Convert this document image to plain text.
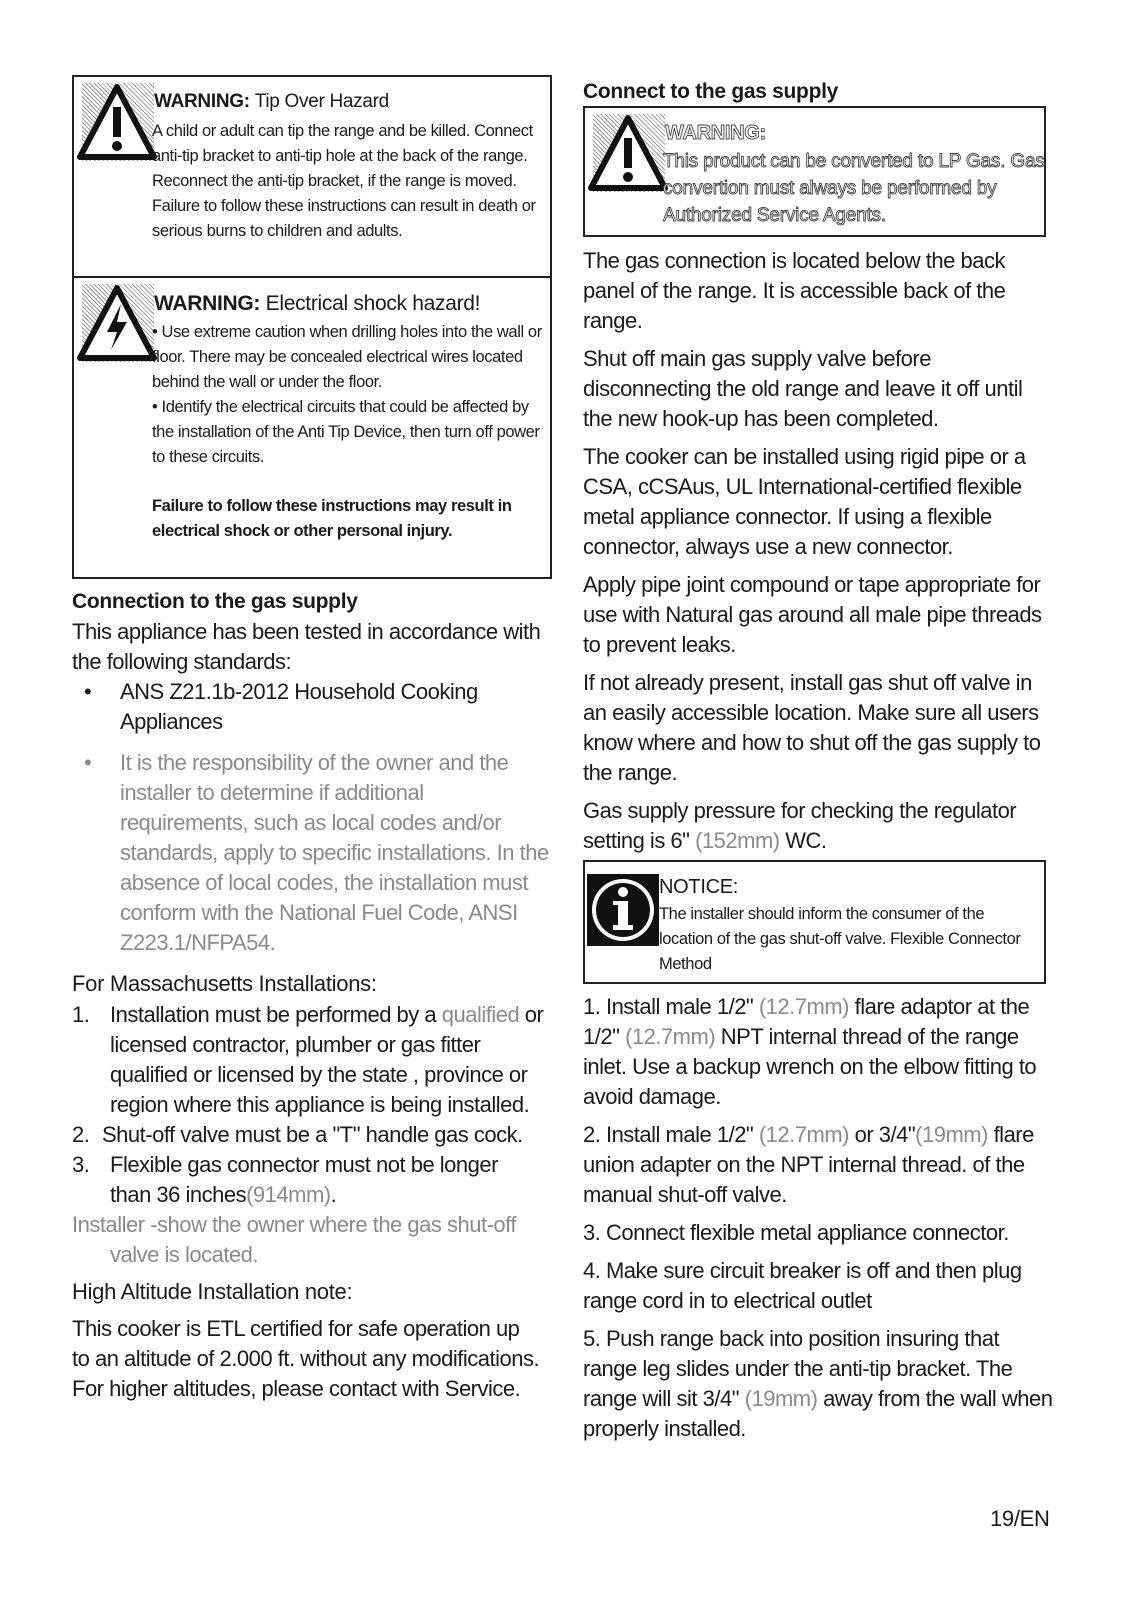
WARNING: Tip Over Hazard
A child or adult can tip the range and be killed. Connect anti-tip bracket to anti-tip hole at the back of the range. Reconnect the anti-tip bracket, if the range is moved. Failure to follow these instructions can result in death or serious burns to children and adults.
WARNING: Electrical shock hazard!

• Use extreme caution when drilling holes into the wall or floor. There may be concealed electrical wires located behind the wall or under the floor.

• Identify the electrical circuits that could be affected by the installation of the Anti Tip Device, then turn off power to these circuits.

Failure to follow these instructions may result in electrical shock or other personal injury.
Connection to the gas supply
This appliance has been tested in accordance with the following standards:
• ANS Z21.1b-2012 Household Cooking Appliances
• It is the responsibility of the owner and the installer to determine if additional requirements, such as local codes and/or standards, apply to specific installations. In the absence of local codes, the installation must conform with the National Fuel Code, ANSI Z223.1/NFPA54.
For Massachusetts Installations:
1. Installation must be performed by a qualified or licensed contractor, plumber or gas fitter qualified or licensed by the state , province or region where this appliance is being installed.
2. Shut-off valve must be a "T" handle gas cock.
3. Flexible gas connector must not be longer than 36 inches(914mm).
Installer -show the owner where the gas shut-off valve is located.
High Altitude Installation note:
This cooker is ETL certified for safe operation up to an altitude of 2.000 ft. without any modifications. For higher altitudes, please contact with Service.
Connect to the gas supply
WARNING:
This product can be converted to LP Gas. Gas convertion must always be performed by Authorized Service Agents.

The gas connection is located below the back panel of the range. It is accessible back of the range.

Shut off main gas supply valve before disconnecting the old range and leave it off until the new hook-up has been completed.

The cooker can be installed using rigid pipe or a CSA, cCSAus, UL International-certified flexible metal appliance connector. If using a flexible connector, always use a new connector.

Apply pipe joint compound or tape appropriate for use with Natural gas around all male pipe threads to prevent leaks.

If not already present, install gas shut off valve in an easily accessible location. Make sure all users know where and how to shut off the gas supply to the range.

Gas supply pressure for checking the regulator setting is 6" (152mm) WC.

NOTICE:
The installer should inform the consumer of the location of the gas shut-off valve. Flexible Connector Method

1. Install male 1/2" (12.7mm) flare adaptor at the 1/2" (12.7mm) NPT internal thread of the range inlet. Use a backup wrench on the elbow fitting to avoid damage.

2. Install male 1/2" (12.7mm) or 3/4"(19mm) flare union adapter on the NPT internal thread. of the manual shut-off valve.

3. Connect flexible metal appliance connector.

4. Make sure circuit breaker is off and then plug range cord in to electrical outlet

5. Push range back into position insuring that range leg slides under the anti-tip bracket. The range will sit 3/4" (19mm) away from the wall when properly installed.

19/EN
